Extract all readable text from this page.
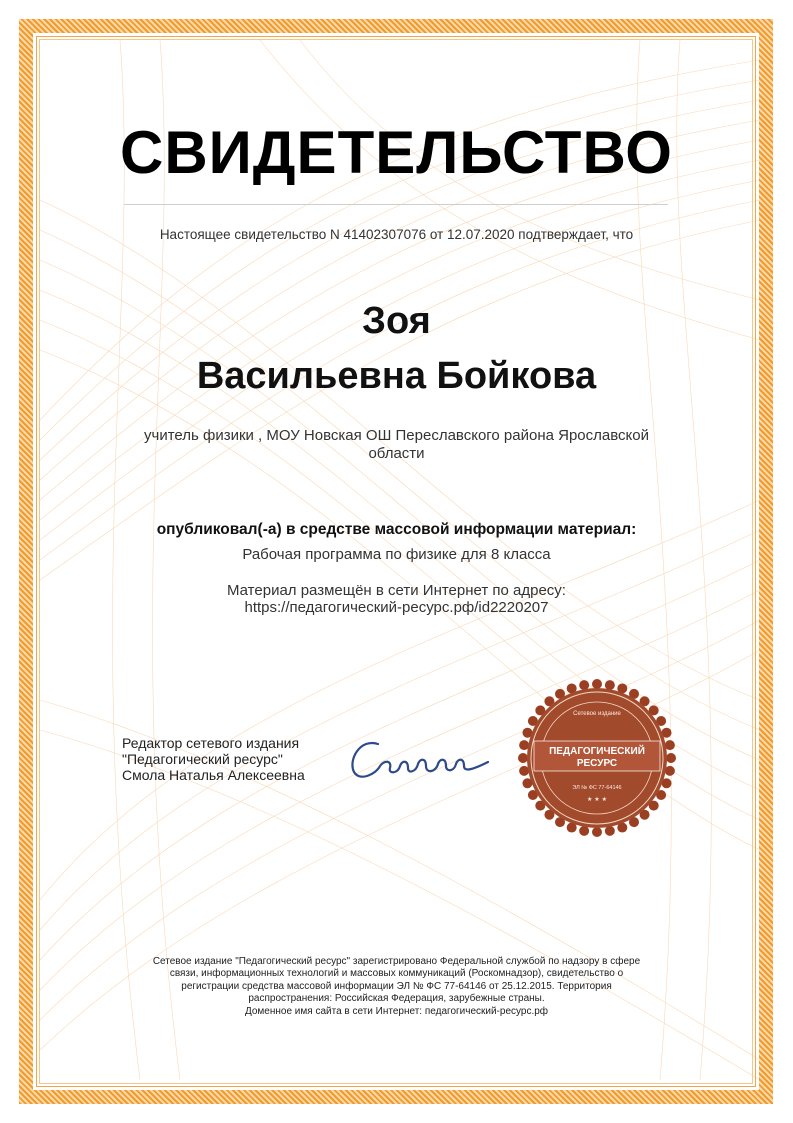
СВИДЕТЕЛЬСТВО
Настоящее свидетельство N 41402307076 от 12.07.2020 подтверждает, что
Зоя
Васильевна Бойкова
учитель физики , МОУ Новская ОШ Переславского района Ярославской
области
опубликовал(-а) в средстве массовой информации материал:
Рабочая программа по физике для 8 класса
Материал размещён в сети Интернет по адресу:
https://педагогический-ресурс.рф/id2220207
Редактор сетевого издания
"Педагогический ресурс"
Смола Наталья Алексеевна
Сетевое издание
ПЕДАГОГИЧЕСКИЙ
РЕСУРС
ЭЛ № ФС 77-64146
★ ★ ★
Сетевое издание "Педагогический ресурс" зарегистрировано Федеральной службой по надзору в сфере
связи, информационных технологий и массовых коммуникаций (Роскомнадзор), свидетельство о
регистрации средства массовой информации ЭЛ № ФС 77-64146 от 25.12.2015. Территория
распространения: Российская Федерация, зарубежные страны.
Доменное имя сайта в сети Интернет: педагогический-ресурс.рф
